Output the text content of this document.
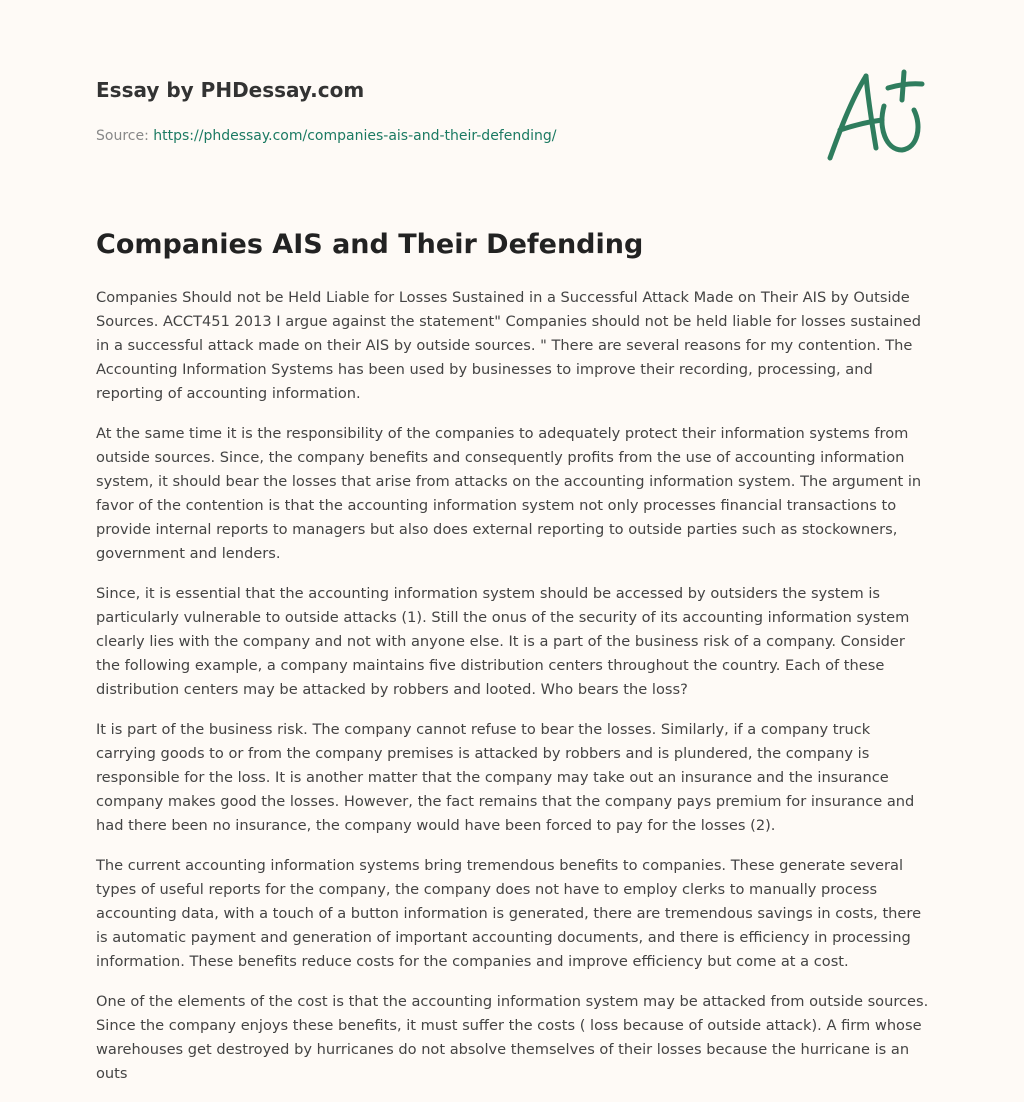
Essay by PHDessay.com
Source: https://phdessay.com/companies-ais-and-their-defending/
Companies AIS and Their Defending

Companies Should not be Held Liable for Losses Sustained in a Successful Attack Made on Their AIS by Outside Sources. ACCT451 2013 I argue against the statement" Companies should not be held liable for losses sustained in a successful attack made on their AIS by outside sources. " There are several reasons for my contention. The Accounting Information Systems has been used by businesses to improve their recording, processing, and reporting of accounting information.

At the same time it is the responsibility of the companies to adequately protect their information systems from outside sources. Since, the company benefits and consequently profits from the use of accounting information system, it should bear the losses that arise from attacks on the accounting information system. The argument in favor of the contention is that the accounting information system not only processes financial transactions to provide internal reports to managers but also does external reporting to outside parties such as stockowners, government and lenders.

Since, it is essential that the accounting information system should be accessed by outsiders the system is particularly vulnerable to outside attacks (1). Still the onus of the security of its accounting information system clearly lies with the company and not with anyone else. It is a part of the business risk of a company. Consider the following example, a company maintains five distribution centers throughout the country. Each of these distribution centers may be attacked by robbers and looted. Who bears the loss?

It is part of the business risk. The company cannot refuse to bear the losses. Similarly, if a company truck carrying goods to or from the company premises is attacked by robbers and is plundered, the company is responsible for the loss. It is another matter that the company may take out an insurance and the insurance company makes good the losses. However, the fact remains that the company pays premium for insurance and had there been no insurance, the company would have been forced to pay for the losses (2).

The current accounting information systems bring tremendous benefits to companies. These generate several types of useful reports for the company, the company does not have to employ clerks to manually process accounting data, with a touch of a button information is generated, there are tremendous savings in costs, there is automatic payment and generation of important accounting documents, and there is efficiency in processing information. These benefits reduce costs for the companies and improve efficiency but come at a cost.

One of the elements of the cost is that the accounting information system may be attacked from outside sources. Since the company enjoys these benefits, it must suffer the costs ( loss because of outside attack). A firm whose warehouses get destroyed by hurricanes do not absolve themselves of their losses because the hurricane is an outs
